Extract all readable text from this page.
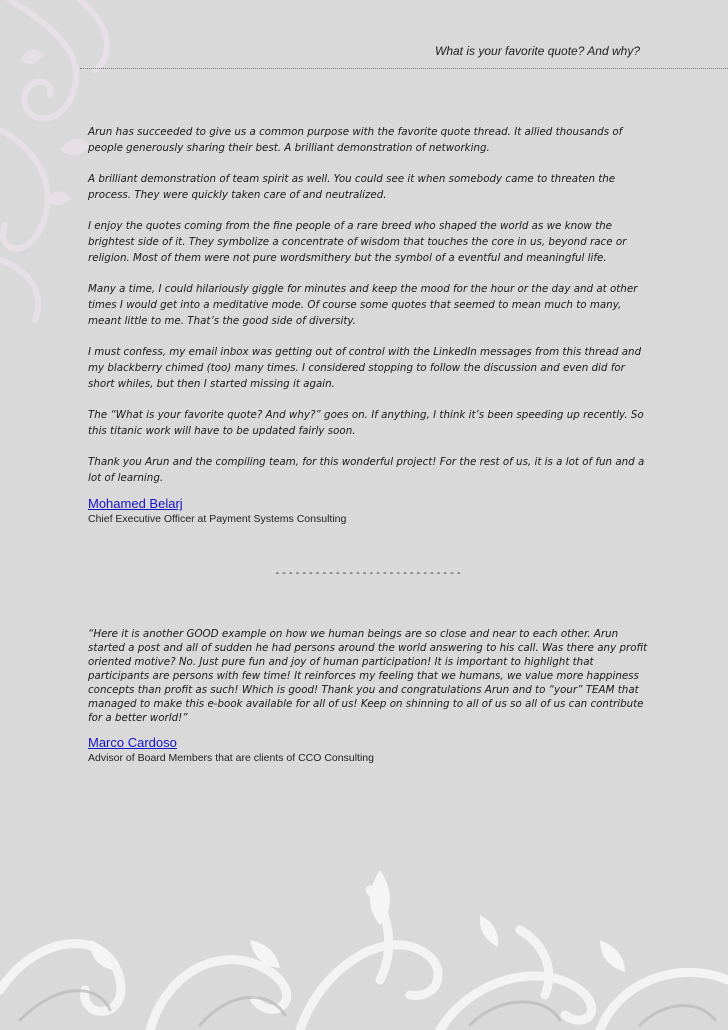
What is your favorite quote? And why?

Arun has succeeded to give us a common purpose with the favorite quote thread. It allied thousands of people generously sharing their best. A brilliant demonstration of networking.

A brilliant demonstration of team spirit as well. You could see it when somebody came to threaten the process. They were quickly taken care of and neutralized.

I enjoy the quotes coming from the fine people of a rare breed who shaped the world as we know the brightest side of it. They symbolize a concentrate of wisdom that touches the core in us, beyond race or religion. Most of them were not pure wordsmithery but the symbol of a eventful and meaningful life.

Many a time, I could hilariously giggle for minutes and keep the mood for the hour or the day and at other times I would get into a meditative mode. Of course some quotes that seemed to mean much to many, meant little to me. That’s the good side of diversity.

I must confess, my email inbox was getting out of control with the LinkedIn messages from this thread and my blackberry chimed (too) many times. I considered stopping to follow the discussion and even did for short whiles, but then I started missing it again.

The “What is your favorite quote? And why?” goes on. If anything, I think it’s been speeding up recently. So this titanic work will have to be updated fairly soon.

Thank you Arun and the compiling team, for this wonderful project! For the rest of us, it is a lot of fun and a lot of learning.

Mohamed Belarj

Chief Executive Officer at Payment Systems Consulting

- - - - - - - - - - - - - - - - - - - - - - - - - - - -

“Here it is another GOOD example on how we human beings are so close and near to each other. Arun started a post and all of sudden he had persons around the world answering to his call. Was there any profit oriented motive? No. Just pure fun and joy of human participation! It is important to highlight that participants are persons with few time! It reinforces my feeling that we humans, we value more happiness concepts than profit as such! Which is good! Thank you and congratulations Arun and to “your” TEAM that managed to make this e-book available for all of us! Keep on shinning to all of us so all of us can contribute for a better world!”

Marco Cardoso

Advisor of Board Members that are clients of CCO Consulting
